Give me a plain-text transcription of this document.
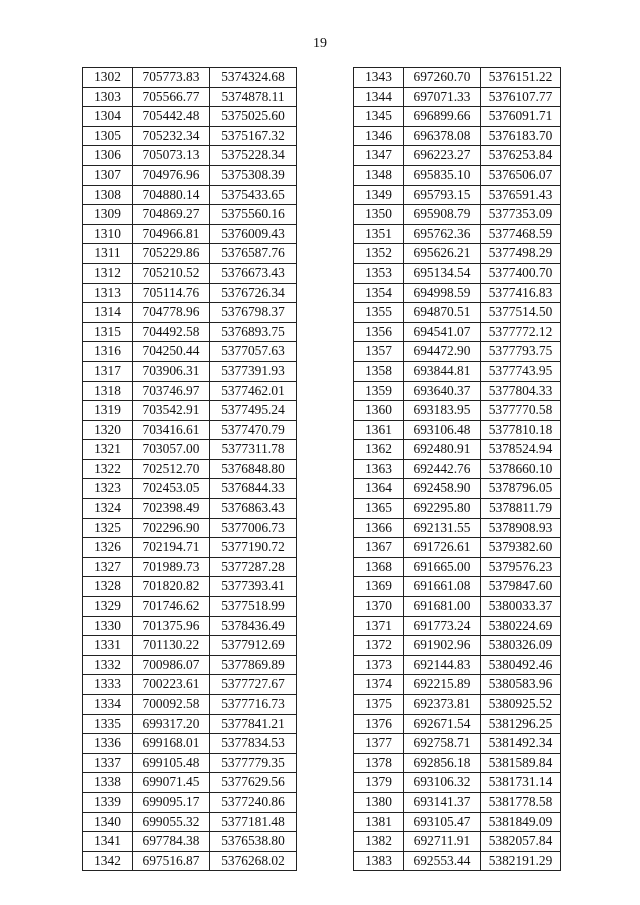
19
1302	705773.83	5374324.68
1303	705566.77	5374878.11
1304	705442.48	5375025.60
1305	705232.34	5375167.32
1306	705073.13	5375228.34
1307	704976.96	5375308.39
1308	704880.14	5375433.65
1309	704869.27	5375560.16
1310	704966.81	5376009.43
1311	705229.86	5376587.76
1312	705210.52	5376673.43
1313	705114.76	5376726.34
1314	704778.96	5376798.37
1315	704492.58	5376893.75
1316	704250.44	5377057.63
1317	703906.31	5377391.93
1318	703746.97	5377462.01
1319	703542.91	5377495.24
1320	703416.61	5377470.79
1321	703057.00	5377311.78
1322	702512.70	5376848.80
1323	702453.05	5376844.33
1324	702398.49	5376863.43
1325	702296.90	5377006.73
1326	702194.71	5377190.72
1327	701989.73	5377287.28
1328	701820.82	5377393.41
1329	701746.62	5377518.99
1330	701375.96	5378436.49
1331	701130.22	5377912.69
1332	700986.07	5377869.89
1333	700223.61	5377727.67
1334	700092.58	5377716.73
1335	699317.20	5377841.21
1336	699168.01	5377834.53
1337	699105.48	5377779.35
1338	699071.45	5377629.56
1339	699095.17	5377240.86
1340	699055.32	5377181.48
1341	697784.38	5376538.80
1342	697516.87	5376268.02
1343	697260.70	5376151.22
1344	697071.33	5376107.77
1345	696899.66	5376091.71
1346	696378.08	5376183.70
1347	696223.27	5376253.84
1348	695835.10	5376506.07
1349	695793.15	5376591.43
1350	695908.79	5377353.09
1351	695762.36	5377468.59
1352	695626.21	5377498.29
1353	695134.54	5377400.70
1354	694998.59	5377416.83
1355	694870.51	5377514.50
1356	694541.07	5377772.12
1357	694472.90	5377793.75
1358	693844.81	5377743.95
1359	693640.37	5377804.33
1360	693183.95	5377770.58
1361	693106.48	5377810.18
1362	692480.91	5378524.94
1363	692442.76	5378660.10
1364	692458.90	5378796.05
1365	692295.80	5378811.79
1366	692131.55	5378908.93
1367	691726.61	5379382.60
1368	691665.00	5379576.23
1369	691661.08	5379847.60
1370	691681.00	5380033.37
1371	691773.24	5380224.69
1372	691902.96	5380326.09
1373	692144.83	5380492.46
1374	692215.89	5380583.96
1375	692373.81	5380925.52
1376	692671.54	5381296.25
1377	692758.71	5381492.34
1378	692856.18	5381589.84
1379	693106.32	5381731.14
1380	693141.37	5381778.58
1381	693105.47	5381849.09
1382	692711.91	5382057.84
1383	692553.44	5382191.29
